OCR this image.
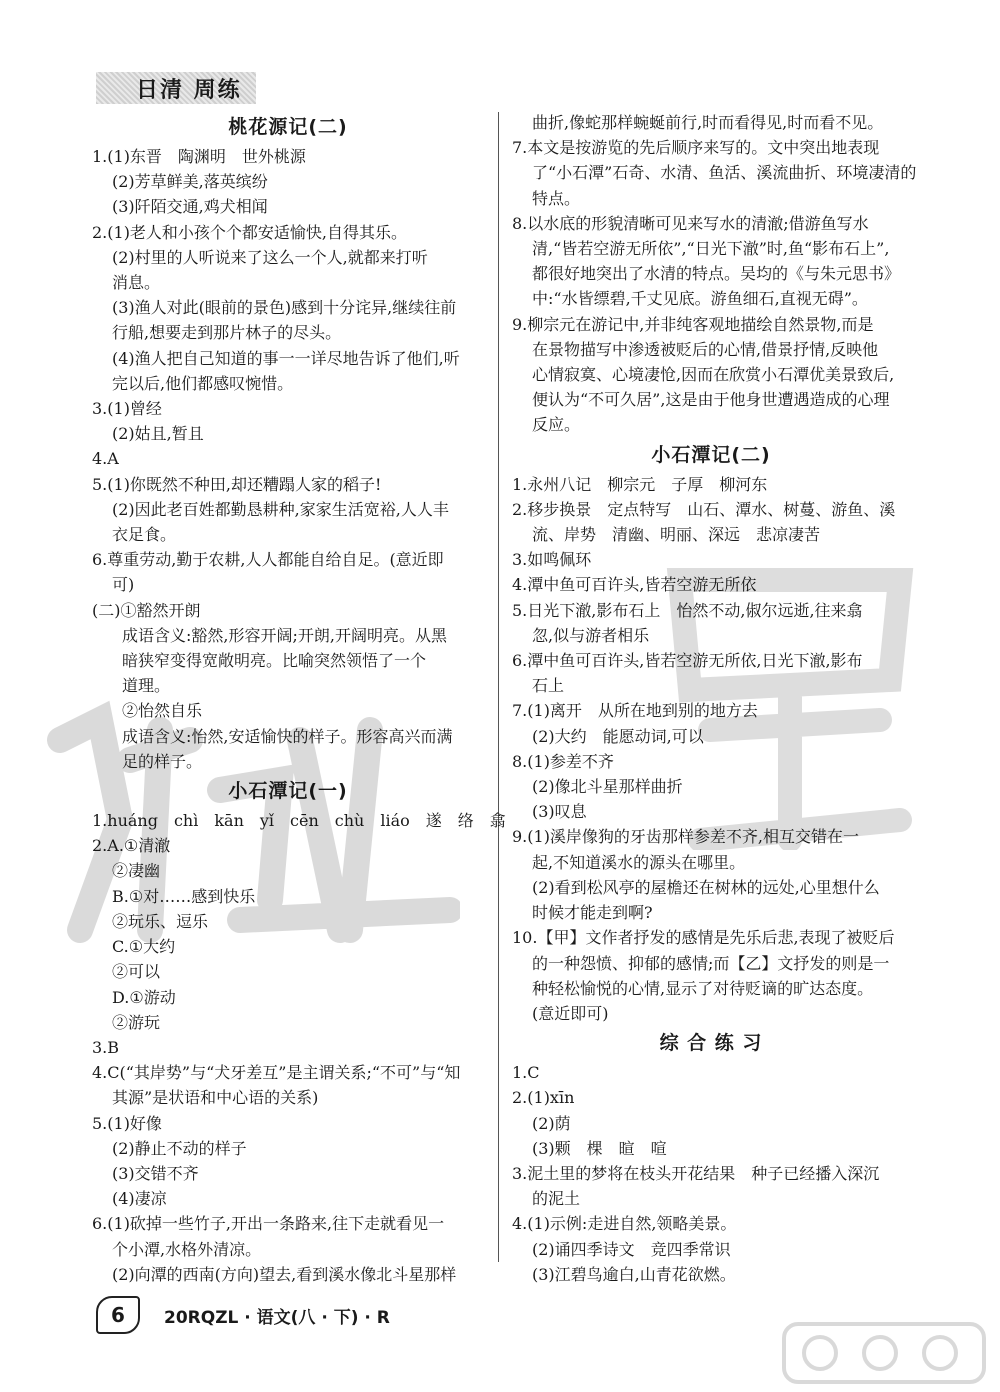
日清 周练
桃花源记(二)
1.(1)东晋　陶渊明　世外桃源
(2)芳草鲜美,落英缤纷
(3)阡陌交通,鸡犬相闻
2.(1)老人和小孩个个都安适愉快,自得其乐。
(2)村里的人听说来了这么一个人,就都来打听
消息。
(3)渔人对此(眼前的景色)感到十分诧异,继续往前
行船,想要走到那片林子的尽头。
(4)渔人把自己知道的事一一详尽地告诉了他们,听
完以后,他们都感叹惋惜。
3.(1)曾经
(2)姑且,暂且
4.A
5.(1)你既然不种田,却还糟蹋人家的稻子!
(2)因此老百姓都勤恳耕种,家家生活宽裕,人人丰
衣足食。
6.尊重劳动,勤于农耕,人人都能自给自足。(意近即
可)
(二)①豁然开朗
成语含义:豁然,形容开阔;开朗,开阔明亮。从黑
暗狭窄变得宽敞明亮。比喻突然领悟了一个
道理。
②怡然自乐
成语含义:怡然,安适愉快的样子。形容高兴而满
足的样子。
小石潭记(一)
1.huáng　chì　kān　yǐ　cēn　chù　liáo　遂　络　翕
2.A.①清澈
②凄幽
B.①对……感到快乐
②玩乐、逗乐
C.①大约
②可以
D.①游动
②游玩
3.B
4.C(“其岸势”与“犬牙差互”是主谓关系;“不可”与“知
其源”是状语和中心语的关系)
5.(1)好像
(2)静止不动的样子
(3)交错不齐
(4)凄凉
6.(1)砍掉一些竹子,开出一条路来,往下走就看见一
个小潭,水格外清凉。
(2)向潭的西南(方向)望去,看到溪水像北斗星那样
曲折,像蛇那样蜿蜒前行,时而看得见,时而看不见。
7.本文是按游览的先后顺序来写的。文中突出地表现
了“小石潭”石奇、水清、鱼活、溪流曲折、环境凄清的
特点。
8.以水底的形貌清晰可见来写水的清澈;借游鱼写水
清,“皆若空游无所依”,“日光下澈”时,鱼“影布石上”,
都很好地突出了水清的特点。吴均的《与朱元思书》
中:“水皆缥碧,千丈见底。游鱼细石,直视无碍”。
9.柳宗元在游记中,并非纯客观地描绘自然景物,而是
在景物描写中渗透被贬后的心情,借景抒情,反映他
心情寂寞、心境凄怆,因而在欣赏小石潭优美景致后,
便认为“不可久居”,这是由于他身世遭遇造成的心理
反应。
小石潭记(二)
1.永州八记　柳宗元　子厚　柳河东
2.移步换景　定点特写　山石、潭水、树蔓、游鱼、溪
流、岸势　清幽、明丽、深远　悲凉凄苦
3.如鸣佩环
4.潭中鱼可百许头,皆若空游无所依
5.日光下澈,影布石上　怡然不动,俶尔远逝,往来翕
忽,似与游者相乐
6.潭中鱼可百许头,皆若空游无所依,日光下澈,影布
石上
7.(1)离开　从所在地到别的地方去
(2)大约　能愿动词,可以
8.(1)参差不齐
(2)像北斗星那样曲折
(3)叹息
9.(1)溪岸像狗的牙齿那样参差不齐,相互交错在一
起,不知道溪水的源头在哪里。
(2)看到松风亭的屋檐还在树林的远处,心里想什么
时候才能走到啊?
10.【甲】文作者抒发的感情是先乐后悲,表现了被贬后
的一种怨愤、抑郁的感情;而【乙】文抒发的则是一
种轻松愉悦的心情,显示了对待贬谪的旷达态度。
(意近即可)
综 合 练 习
1.C
2.(1)xīn
(2)荫
(3)颗　棵　暄　喧
3.泥土里的梦将在枝头开花结果　种子已经播入深沉
的泥土
4.(1)示例:走进自然,领略美景。
(2)诵四季诗文　竞四季常识
(3)江碧鸟逾白,山青花欲燃。
6	20RQZL · 语文(八 · 下) · R
